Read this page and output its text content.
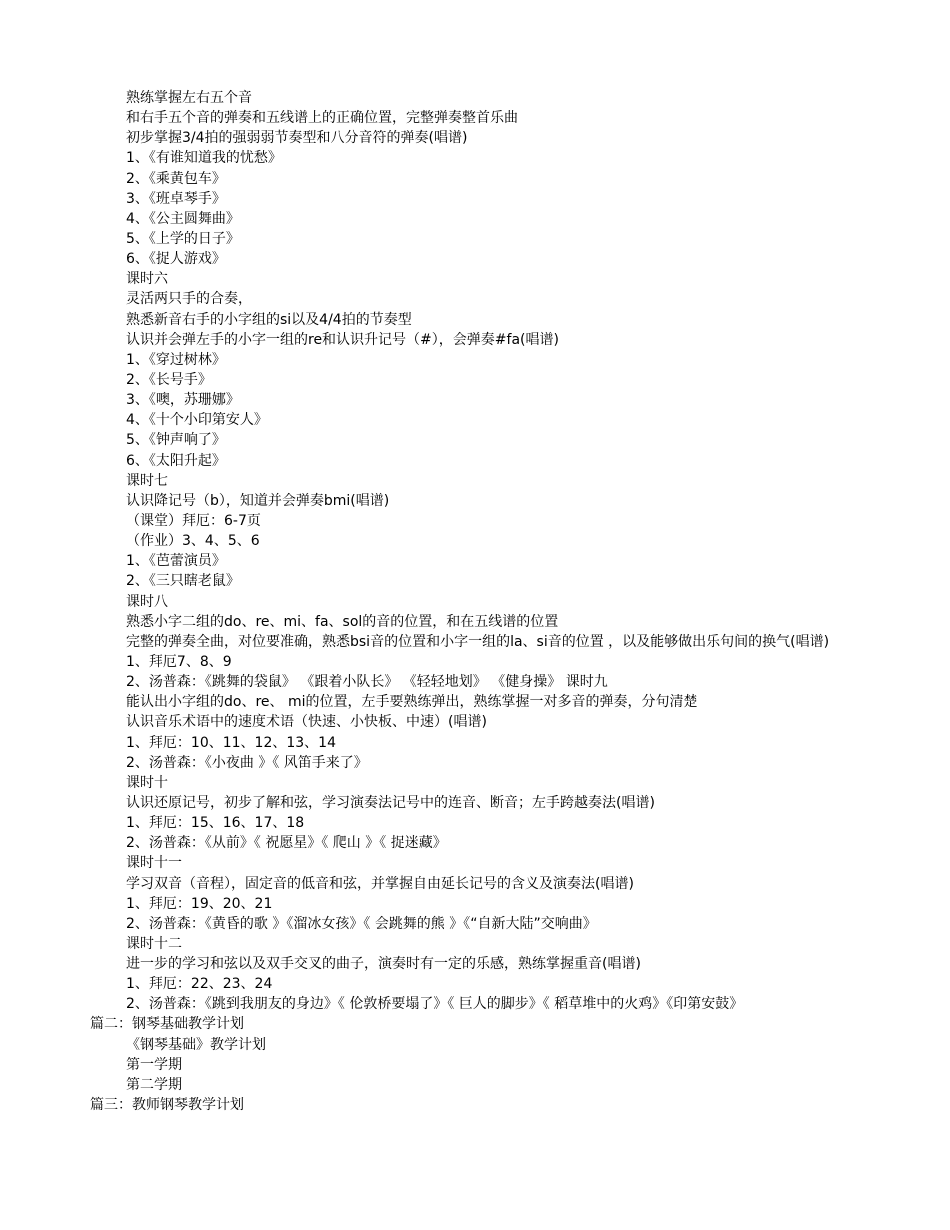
熟练掌握左右五个音
和右手五个音的弹奏和五线谱上的正确位置，完整弹奏整首乐曲
初步掌握3/4拍的强弱弱节奏型和八分音符的弹奏(唱谱)
1、《有谁知道我的忧愁》
2、《乘黄包车》
3、《班卓琴手》
4、《公主圆舞曲》
5、《上学的日子》
6、《捉人游戏》
课时六
灵活两只手的合奏，
熟悉新音右手的小字组的si以及4/4拍的节奏型
认识并会弹左手的小字一组的re和认识升记号（#），会弹奏#fa(唱谱)
1、《穿过树林》
2、《长号手》
3、《噢，苏珊娜》
4、《十个小印第安人》
5、《钟声响了》
6、《太阳升起》
课时七
认识降记号（b），知道并会弹奏bmi(唱谱)
（课堂）拜厄：6-7页
（作业）3、4、5、6
1、《芭蕾演员》
2、《三只瞎老鼠》
课时八
熟悉小字二组的do、re、mi、fa、sol的音的位置，和在五线谱的位置
完整的弹奏全曲，对位要准确，熟悉bsi音的位置和小字一组的la、si音的位置 ，以及能够做出乐句间的换气(唱谱)
1、拜厄7、8、9
2、汤普森：《跳舞的袋鼠》 《跟着小队长》 《轻轻地划》 《健身操》 课时九
能认出小字组的do、re、 mi的位置，左手要熟练弹出，熟练掌握一对多音的弹奏，分句清楚
认识音乐术语中的速度术语（快速、小快板、中速）(唱谱)
1、拜厄：10、11、12、13、14
2、汤普森：《小夜曲 》《 风笛手来了》
课时十
认识还原记号，初步了解和弦，学习演奏法记号中的连音、断音；左手跨越奏法(唱谱)
1、拜厄：15、16、17、18
2、汤普森：《从前》《 祝愿星》《 爬山 》《 捉迷藏》
课时十一
学习双音（音程），固定音的低音和弦，并掌握自由延长记号的含义及演奏法(唱谱)
1、拜厄：19、20、21
2、汤普森：《黄昏的歌 》《溜冰女孩》《 会跳舞的熊 》《“自新大陆”交响曲》
课时十二
进一步的学习和弦以及双手交叉的曲子，演奏时有一定的乐感，熟练掌握重音(唱谱)
1、拜厄：22、23、24
2、汤普森：《跳到我朋友的身边》《 伦敦桥要塌了》《 巨人的脚步》《 稻草堆中的火鸡》《印第安鼓》
篇二：钢琴基础教学计划
《钢琴基础》教学计划
第一学期
第二学期
篇三：教师钢琴教学计划
